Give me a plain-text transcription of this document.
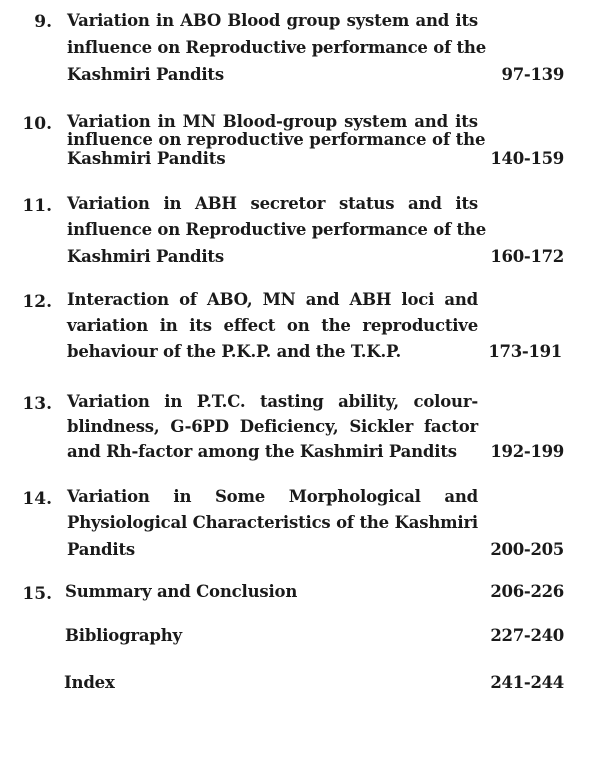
9. Variation in ABO Blood group system and its
influence on Reproductive performance of the
Kashmiri Pandits	97-139
10. Variation in MN Blood-group system and its
influence on reproductive performance of the
Kashmiri Pandits	140-159
11. Variation in ABH secretor status and its
influence on Reproductive performance of the
Kashmiri Pandits	160-172
12. Interaction of ABO, MN and ABH loci and
variation in its effect on the reproductive
behaviour of the P.K.P. and the T.K.P.	173-191
13. Variation in P.T.C. tasting ability, colour-
blindness, G-6PD Deficiency, Sickler factor
and Rh-factor among the Kashmiri Pandits	192-199
14. Variation in Some Morphological and
Physiological Characteristics of the Kashmiri
Pandits	200-205
15. Summary and Conclusion	206-226
Bibliography	227-240
Index	241-244
